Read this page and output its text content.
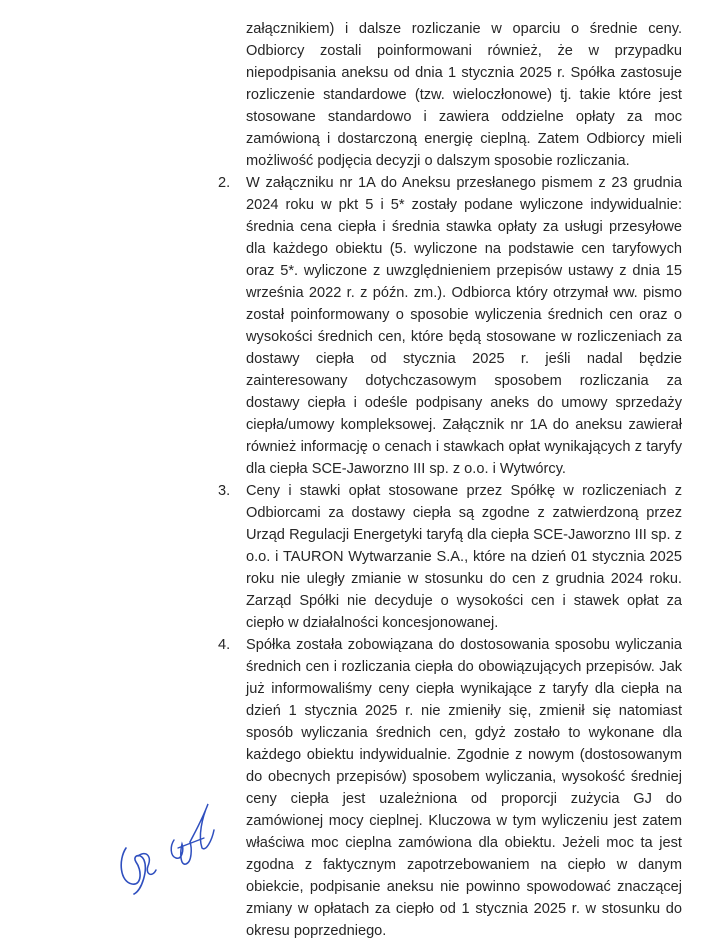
załącznikiem) i dalsze rozliczanie w oparciu o średnie ceny. Odbiorcy zostali poinformowani również, że w przypadku niepodpisania aneksu od dnia 1 stycznia 2025 r. Spółka zastosuje rozliczenie standardowe (tzw. wieloczłonowe) tj. takie które jest stosowane standardowo i zawiera oddzielne opłaty za moc zamówioną i dostarczoną energię cieplną. Zatem Odbiorcy mieli możliwość podjęcia decyzji o dalszym sposobie rozliczania.

2.	W załączniku nr 1A do Aneksu przesłanego pismem z 23 grudnia 2024 roku w pkt 5 i 5* zostały podane wyliczone indywidualnie: średnia cena ciepła i średnia stawka opłaty za usługi przesyłowe dla każdego obiektu (5. wyliczone na podstawie cen taryfowych oraz 5*. wyliczone z uwzględnieniem przepisów ustawy z dnia 15 września 2022 r. z późn. zm.). Odbiorca który otrzymał ww. pismo został poinformowany o sposobie wyliczenia średnich cen oraz o wysokości średnich cen, które będą stosowane w rozliczeniach za dostawy ciepła od stycznia 2025 r. jeśli nadal będzie zainteresowany dotychczasowym sposobem rozliczania za dostawy ciepła i odeśle podpisany aneks do umowy sprzedaży ciepła/umowy kompleksowej. Załącznik nr 1A do aneksu zawierał również informację o cenach i stawkach opłat wynikających z taryfy dla ciepła SCE-Jaworzno III sp. z o.o. i Wytwórcy.

3.	Ceny i stawki opłat stosowane przez Spółkę w rozliczeniach z Odbiorcami za dostawy ciepła są zgodne z zatwierdzoną przez Urząd Regulacji Energetyki taryfą dla ciepła SCE-Jaworzno III sp. z o.o. i TAURON Wytwarzanie S.A., które na dzień 01 stycznia 2025 roku nie uległy zmianie w stosunku do cen z grudnia 2024 roku. Zarząd Spółki nie decyduje o wysokości cen i stawek opłat za ciepło w działalności koncesjonowanej.

4.	Spółka została zobowiązana do dostosowania sposobu wyliczania średnich cen i rozliczania ciepła do obowiązujących przepisów. Jak już informowaliśmy ceny ciepła wynikające z taryfy dla ciepła na dzień 1 stycznia 2025 r. nie zmieniły się, zmienił się natomiast sposób wyliczania średnich cen, gdyż zostało to wykonane dla każdego obiektu indywidualnie. Zgodnie z nowym (dostosowanym do obecnych przepisów) sposobem wyliczania, wysokość średniej ceny ciepła jest uzależniona od proporcji zużycia GJ do zamówionej mocy cieplnej. Kluczowa w tym wyliczeniu jest zatem właściwa moc cieplna zamówiona dla obiektu. Jeżeli moc ta jest zgodna z faktycznym zapotrzebowaniem na ciepło w danym obiekcie, podpisanie aneksu nie powinno spowodować znaczącej zmiany w opłatach za ciepło od 1 stycznia 2025 r. w stosunku do okresu poprzedniego.
